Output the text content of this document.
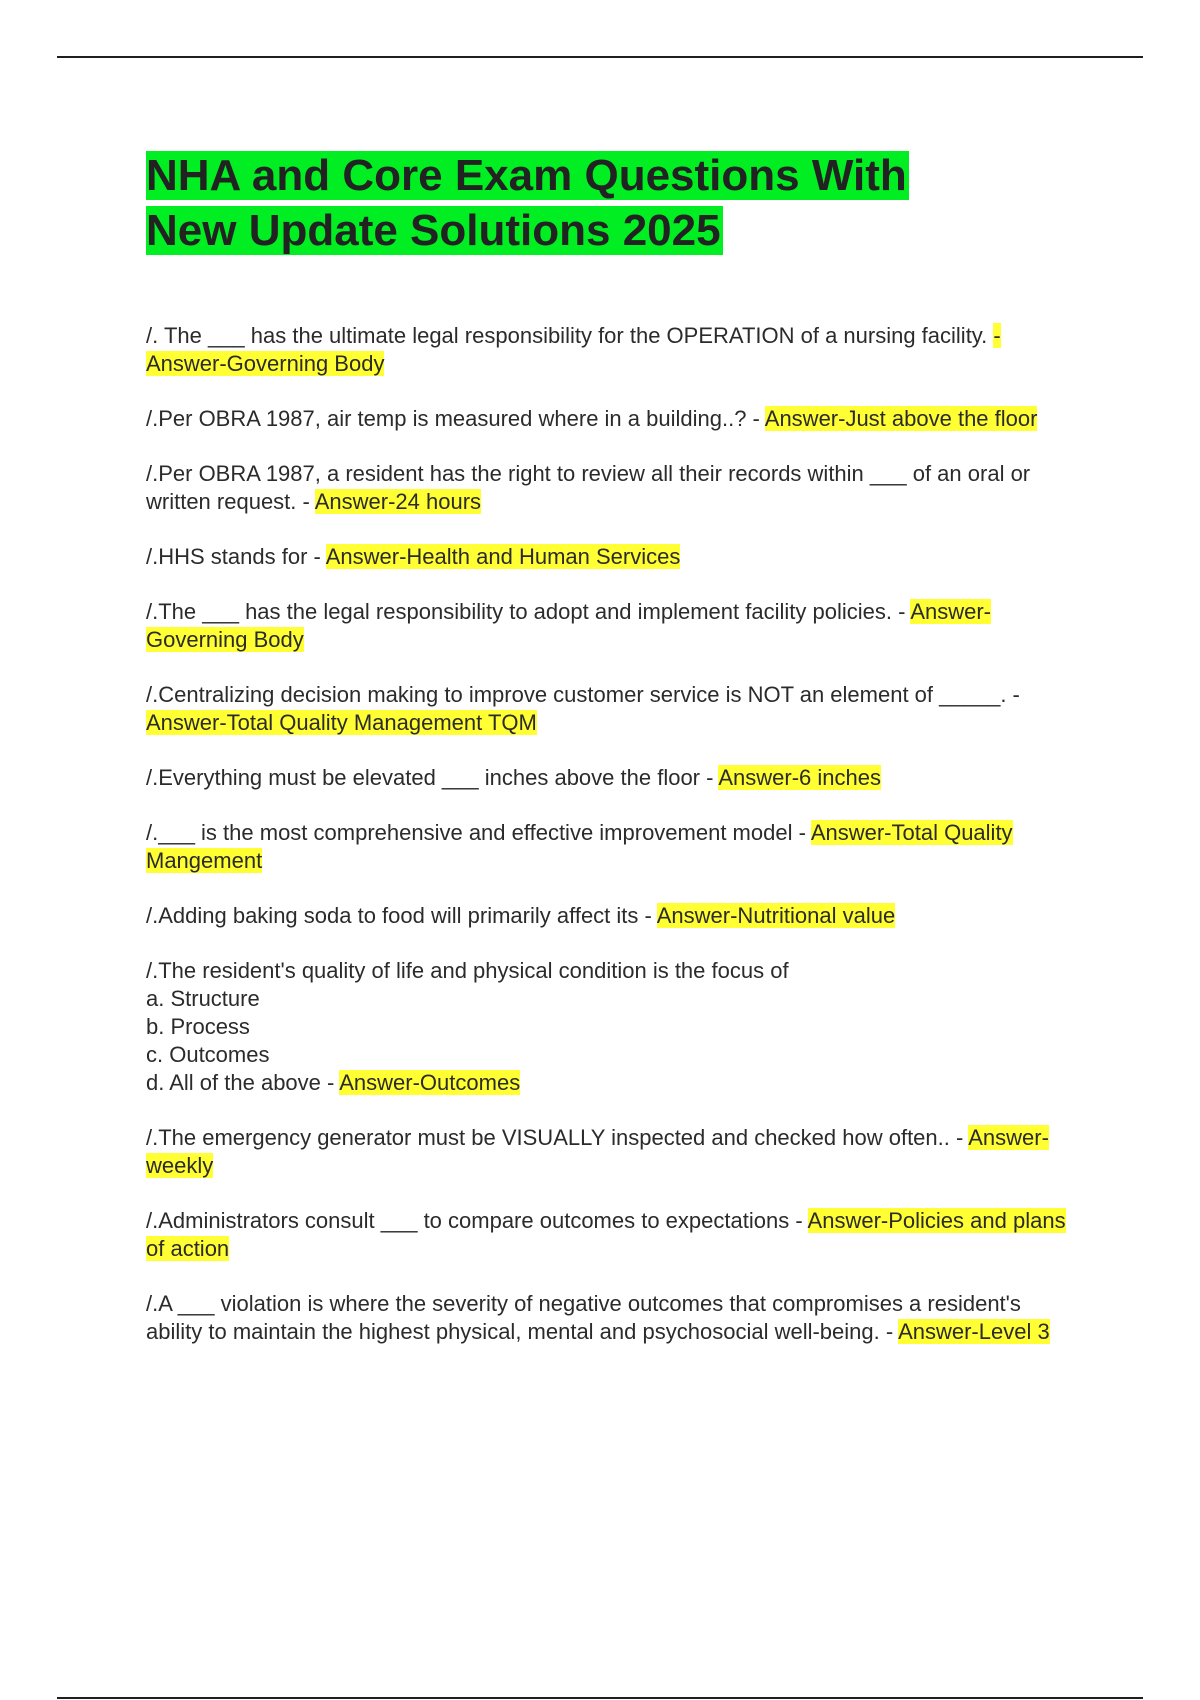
NHA and Core Exam Questions With
New Update Solutions 2025

/. The ___ has the ultimate legal responsibility for the OPERATION of a nursing facility. - Answer-Governing Body

/.Per OBRA 1987, air temp is measured where in a building..? - Answer-Just above the floor

/.Per OBRA 1987, a resident has the right to review all their records within ___ of an oral or written request. - Answer-24 hours

/.HHS stands for - Answer-Health and Human Services

/.The ___ has the legal responsibility to adopt and implement facility policies. - Answer-Governing Body

/.Centralizing decision making to improve customer service is NOT an element of _____. - Answer-Total Quality Management TQM

/.Everything must be elevated ___ inches above the floor - Answer-6 inches

/.___ is the most comprehensive and effective improvement model - Answer-Total Quality Mangement

/.Adding baking soda to food will primarily affect its - Answer-Nutritional value

/.The resident's quality of life and physical condition is the focus of
a. Structure
b. Process
c. Outcomes
d. All of the above - Answer-Outcomes

/.The emergency generator must be VISUALLY inspected and checked how often.. - Answer-weekly

/.Administrators consult ___ to compare outcomes to expectations - Answer-Policies and plans of action

/.A ___ violation is where the severity of negative outcomes that compromises a resident's ability to maintain the highest physical, mental and psychosocial well-being. - Answer-Level 3
